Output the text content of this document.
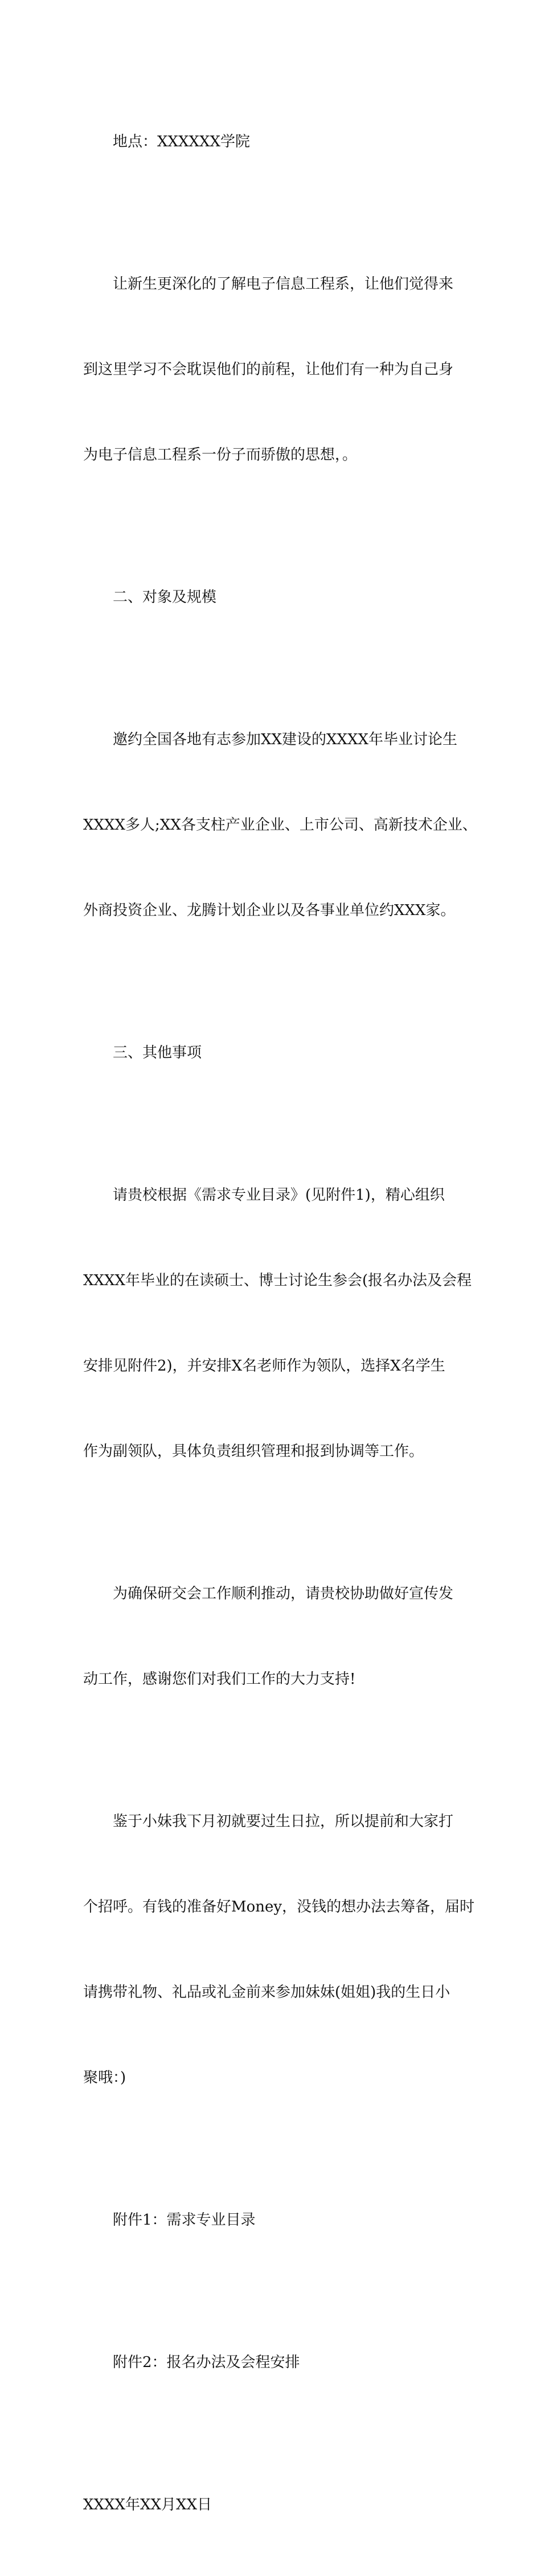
地点：XXXXXX学院

让新生更深化的了解电子信息工程系，让他们觉得来

到这里学习不会耽误他们的前程，让他们有一种为自己身

为电子信息工程系一份子而骄傲的思想，。

二、对象及规模

邀约全国各地有志参加XX建设的XXXX年毕业讨论生

XXXX多人;XX各支柱产业企业、上市公司、高新技术企业、

外商投资企业、龙腾计划企业以及各事业单位约XXX家。

三、其他事项

请贵校根据《需求专业目录》(见附件1)，精心组织

XXXX年毕业的在读硕士、博士讨论生参会(报名办法及会程

安排见附件2)，并安排X名老师作为领队，选择X名学生

作为副领队，具体负责组织管理和报到协调等工作。

为确保研交会工作顺利推动，请贵校协助做好宣传发

动工作，感谢您们对我们工作的大力支持!

鉴于小妹我下月初就要过生日拉，所以提前和大家打

个招呼。有钱的准备好Money，没钱的想办法去筹备，届时

请携带礼物、礼品或礼金前来参加妹妹(姐姐)我的生日小

聚哦：)

附件1：需求专业目录

附件2：报名办法及会程安排

XXXX年XX月XX日
